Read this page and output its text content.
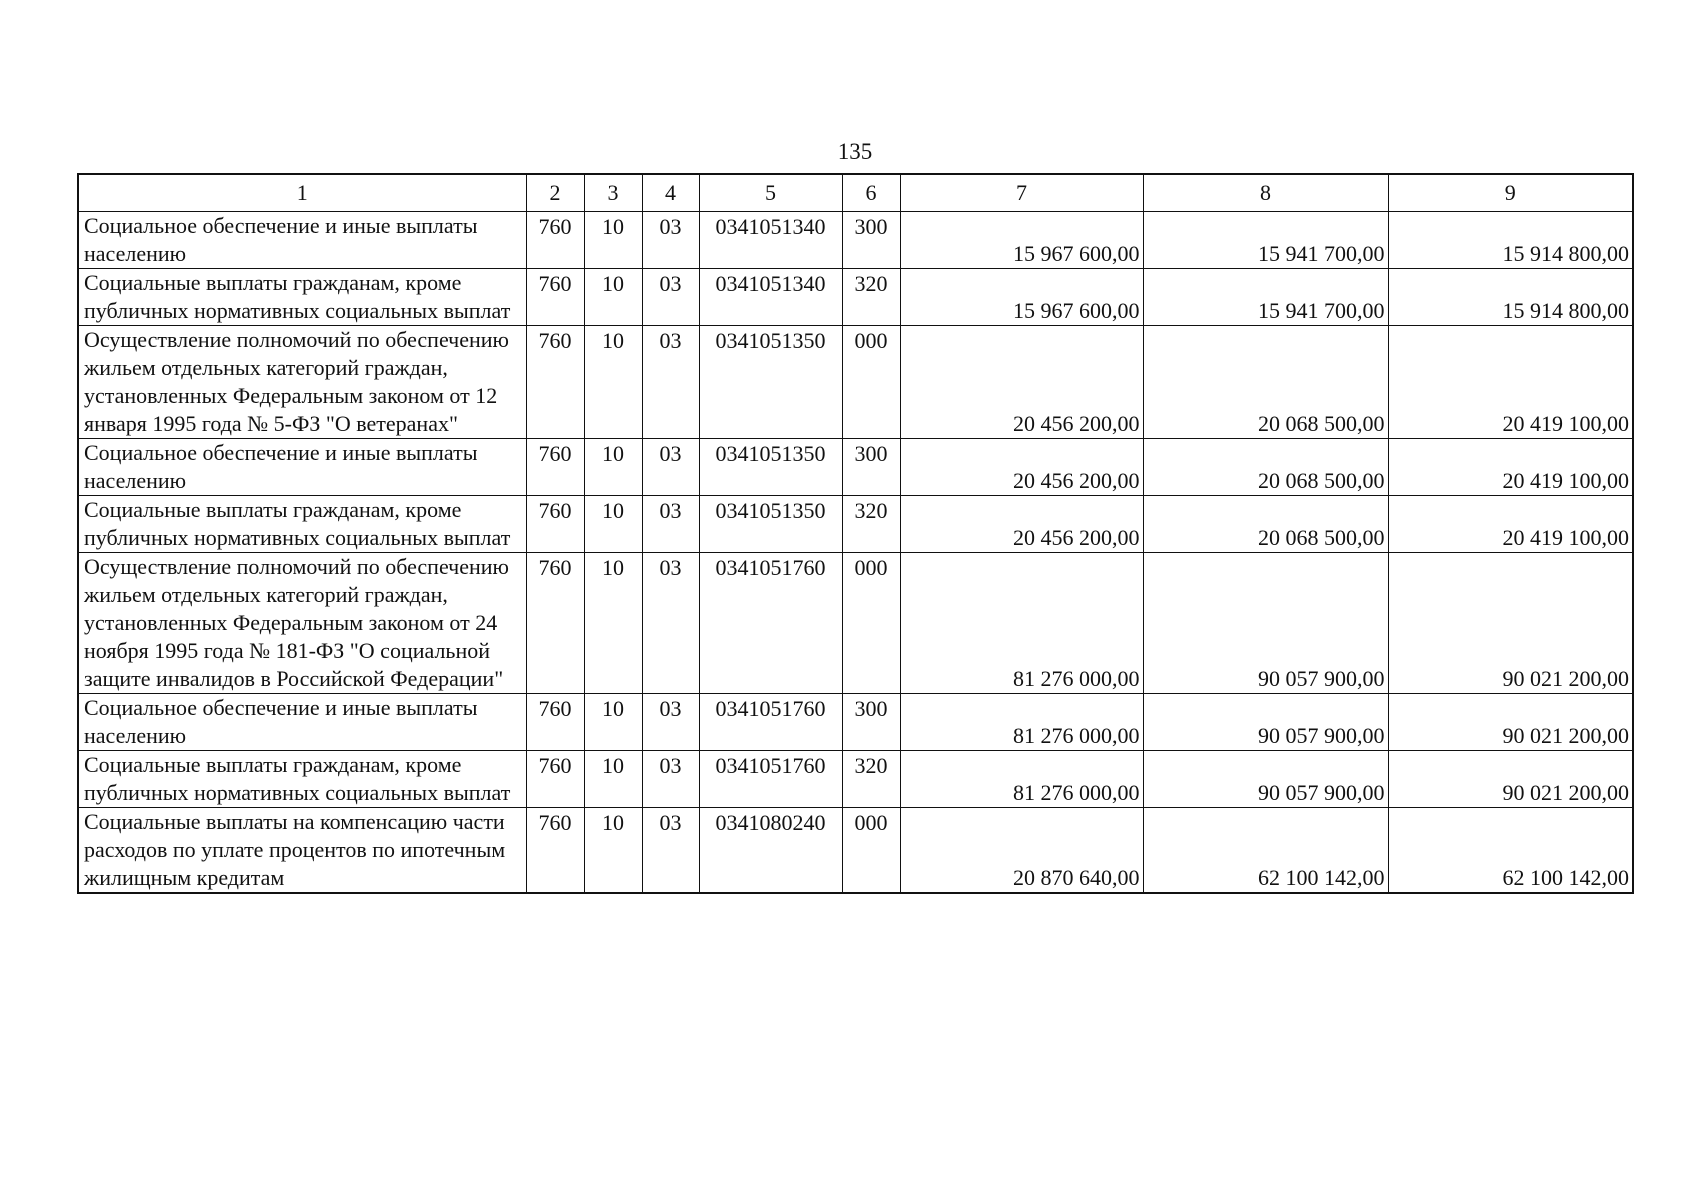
135
1	2	3	4	5	6	7	8	9
Социальное обеспечение и иные выплаты населению	760	10	03	0341051340	300	15 967 600,00	15 941 700,00	15 914 800,00
Социальные выплаты гражданам, кроме публичных нормативных социальных выплат	760	10	03	0341051340	320	15 967 600,00	15 941 700,00	15 914 800,00
Осуществление полномочий по обеспечению жильем отдельных категорий граждан, установленных Федеральным законом от 12 января 1995 года № 5-ФЗ "О ветеранах"	760	10	03	0341051350	000	20 456 200,00	20 068 500,00	20 419 100,00
Социальное обеспечение и иные выплаты населению	760	10	03	0341051350	300	20 456 200,00	20 068 500,00	20 419 100,00
Социальные выплаты гражданам, кроме публичных нормативных социальных выплат	760	10	03	0341051350	320	20 456 200,00	20 068 500,00	20 419 100,00
Осуществление полномочий по обеспечению жильем отдельных категорий граждан, установленных Федеральным законом от 24 ноября 1995 года № 181-ФЗ "О социальной защите инвалидов в Российской Федерации"	760	10	03	0341051760	000	81 276 000,00	90 057 900,00	90 021 200,00
Социальное обеспечение и иные выплаты населению	760	10	03	0341051760	300	81 276 000,00	90 057 900,00	90 021 200,00
Социальные выплаты гражданам, кроме публичных нормативных социальных выплат	760	10	03	0341051760	320	81 276 000,00	90 057 900,00	90 021 200,00
Социальные выплаты на компенсацию части расходов по уплате процентов по ипотечным жилищным кредитам	760	10	03	0341080240	000	20 870 640,00	62 100 142,00	62 100 142,00
